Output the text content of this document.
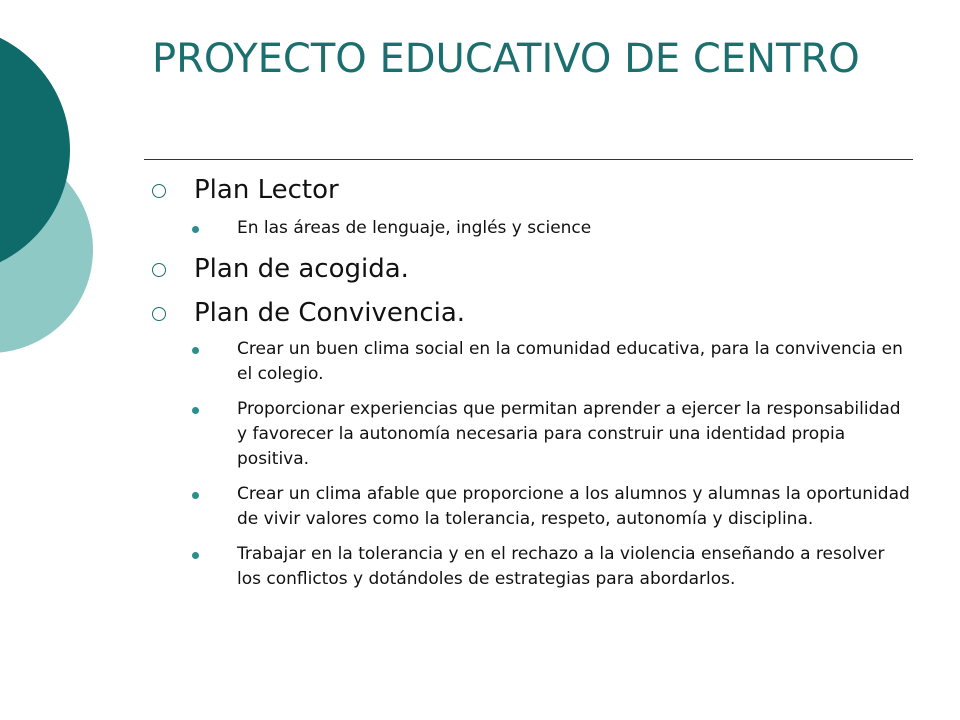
PROYECTO EDUCATIVO DE CENTRO
Plan Lector
En las áreas de lenguaje, inglés y science
Plan de acogida.
Plan de Convivencia.
Crear un buen clima social en la comunidad educativa, para la convivencia en el colegio.
Proporcionar experiencias que permitan aprender a ejercer la responsabilidad y favorecer la autonomía necesaria para construir una identidad propia positiva.
Crear un clima afable que proporcione a los alumnos y alumnas la oportunidad de vivir valores como la tolerancia, respeto, autonomía y disciplina.
Trabajar en la tolerancia y en el rechazo a la violencia enseñando a resolver los conflictos y dotándoles de estrategias para abordarlos.
